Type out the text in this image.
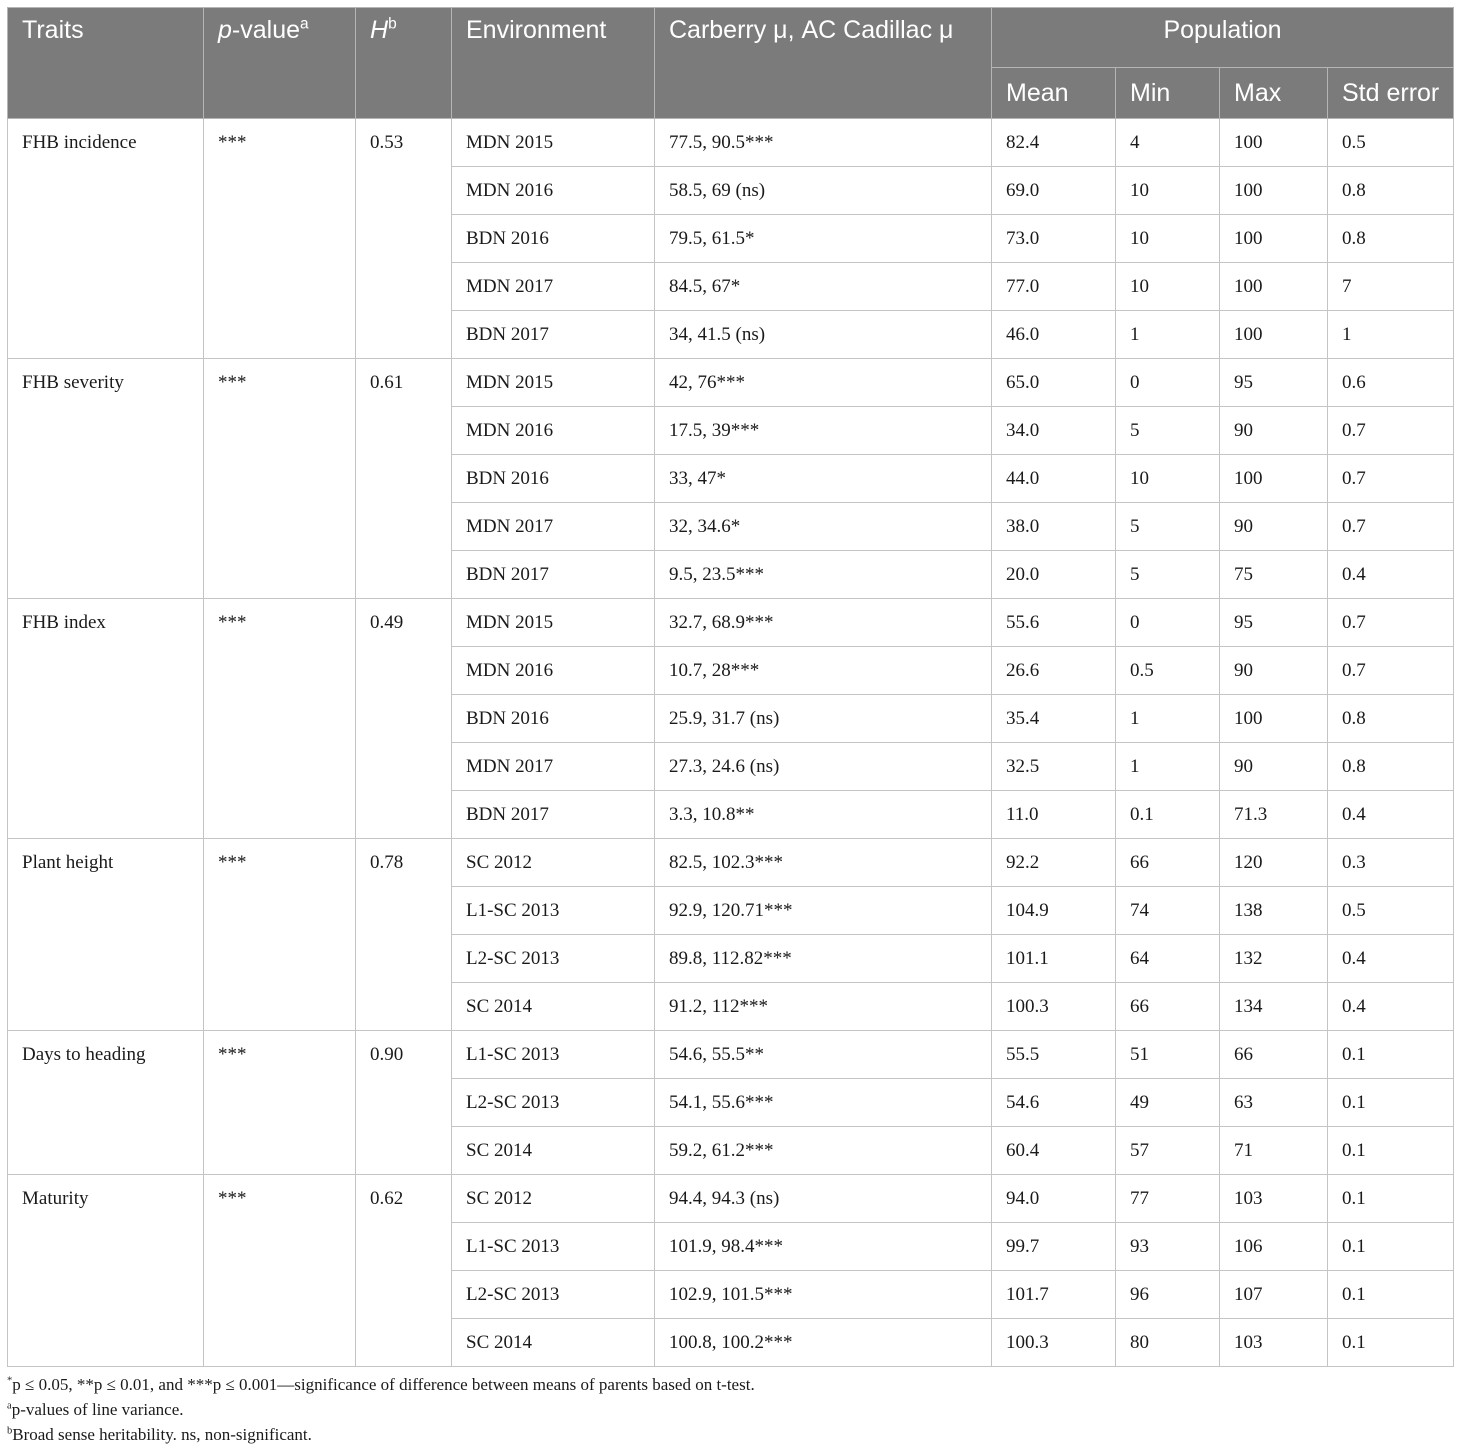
Traits	p-value$^a$	$H^b$	Environment	Carberry μ, AC Cadillac μ	Population			
					Mean	Min	Max	Std error
FHB incidence	***	0.53	MDN 2015	77.5, 90.5***	82.4	4	100	0.5
			MDN 2016	58.5, 69 (ns)	69.0	10	100	0.8
			BDN 2016	79.5, 61.5*	73.0	10	100	0.8
			MDN 2017	84.5, 67*	77.0	10	100	7
			BDN 2017	34, 41.5 (ns)	46.0	1	100	1
FHB severity	***	0.61	MDN 2015	42, 76***	65.0	0	95	0.6
			MDN 2016	17.5, 39***	34.0	5	90	0.7
			BDN 2016	33, 47*	44.0	10	100	0.7
			MDN 2017	32, 34.6*	38.0	5	90	0.7
			BDN 2017	9.5, 23.5***	20.0	5	75	0.4
FHB index	***	0.49	MDN 2015	32.7, 68.9***	55.6	0	95	0.7
			MDN 2016	10.7, 28***	26.6	0.5	90	0.7
			BDN 2016	25.9, 31.7 (ns)	35.4	1	100	0.8
			MDN 2017	27.3, 24.6 (ns)	32.5	1	90	0.8
			BDN 2017	3.3, 10.8**	11.0	0.1	71.3	0.4
Plant height	***	0.78	SC 2012	82.5, 102.3***	92.2	66	120	0.3
			L1-SC 2013	92.9, 120.71***	104.9	74	138	0.5
			L2-SC 2013	89.8, 112.82***	101.1	64	132	0.4
			SC 2014	91.2, 112***	100.3	66	134	0.4
Days to heading	***	0.90	L1-SC 2013	54.6, 55.5**	55.5	51	66	0.1
			L2-SC 2013	54.1, 55.6***	54.6	49	63	0.1
			SC 2014	59.2, 61.2***	60.4	57	71	0.1
Maturity	***	0.62	SC 2012	94.4, 94.3 (ns)	94.0	77	103	0.1
			L1-SC 2013	101.9, 98.4***	99.7	93	106	0.1
			L2-SC 2013	102.9, 101.5***	101.7	96	107	0.1
			SC 2014	100.8, 100.2***	100.3	80	103	0.1
*p ≤ 0.05, **p ≤ 0.01, and ***p ≤ 0.001—significance of difference between means of parents based on t-test.
$^a$p-values of line variance.
$^b$Broad sense heritability. ns, non-significant.
